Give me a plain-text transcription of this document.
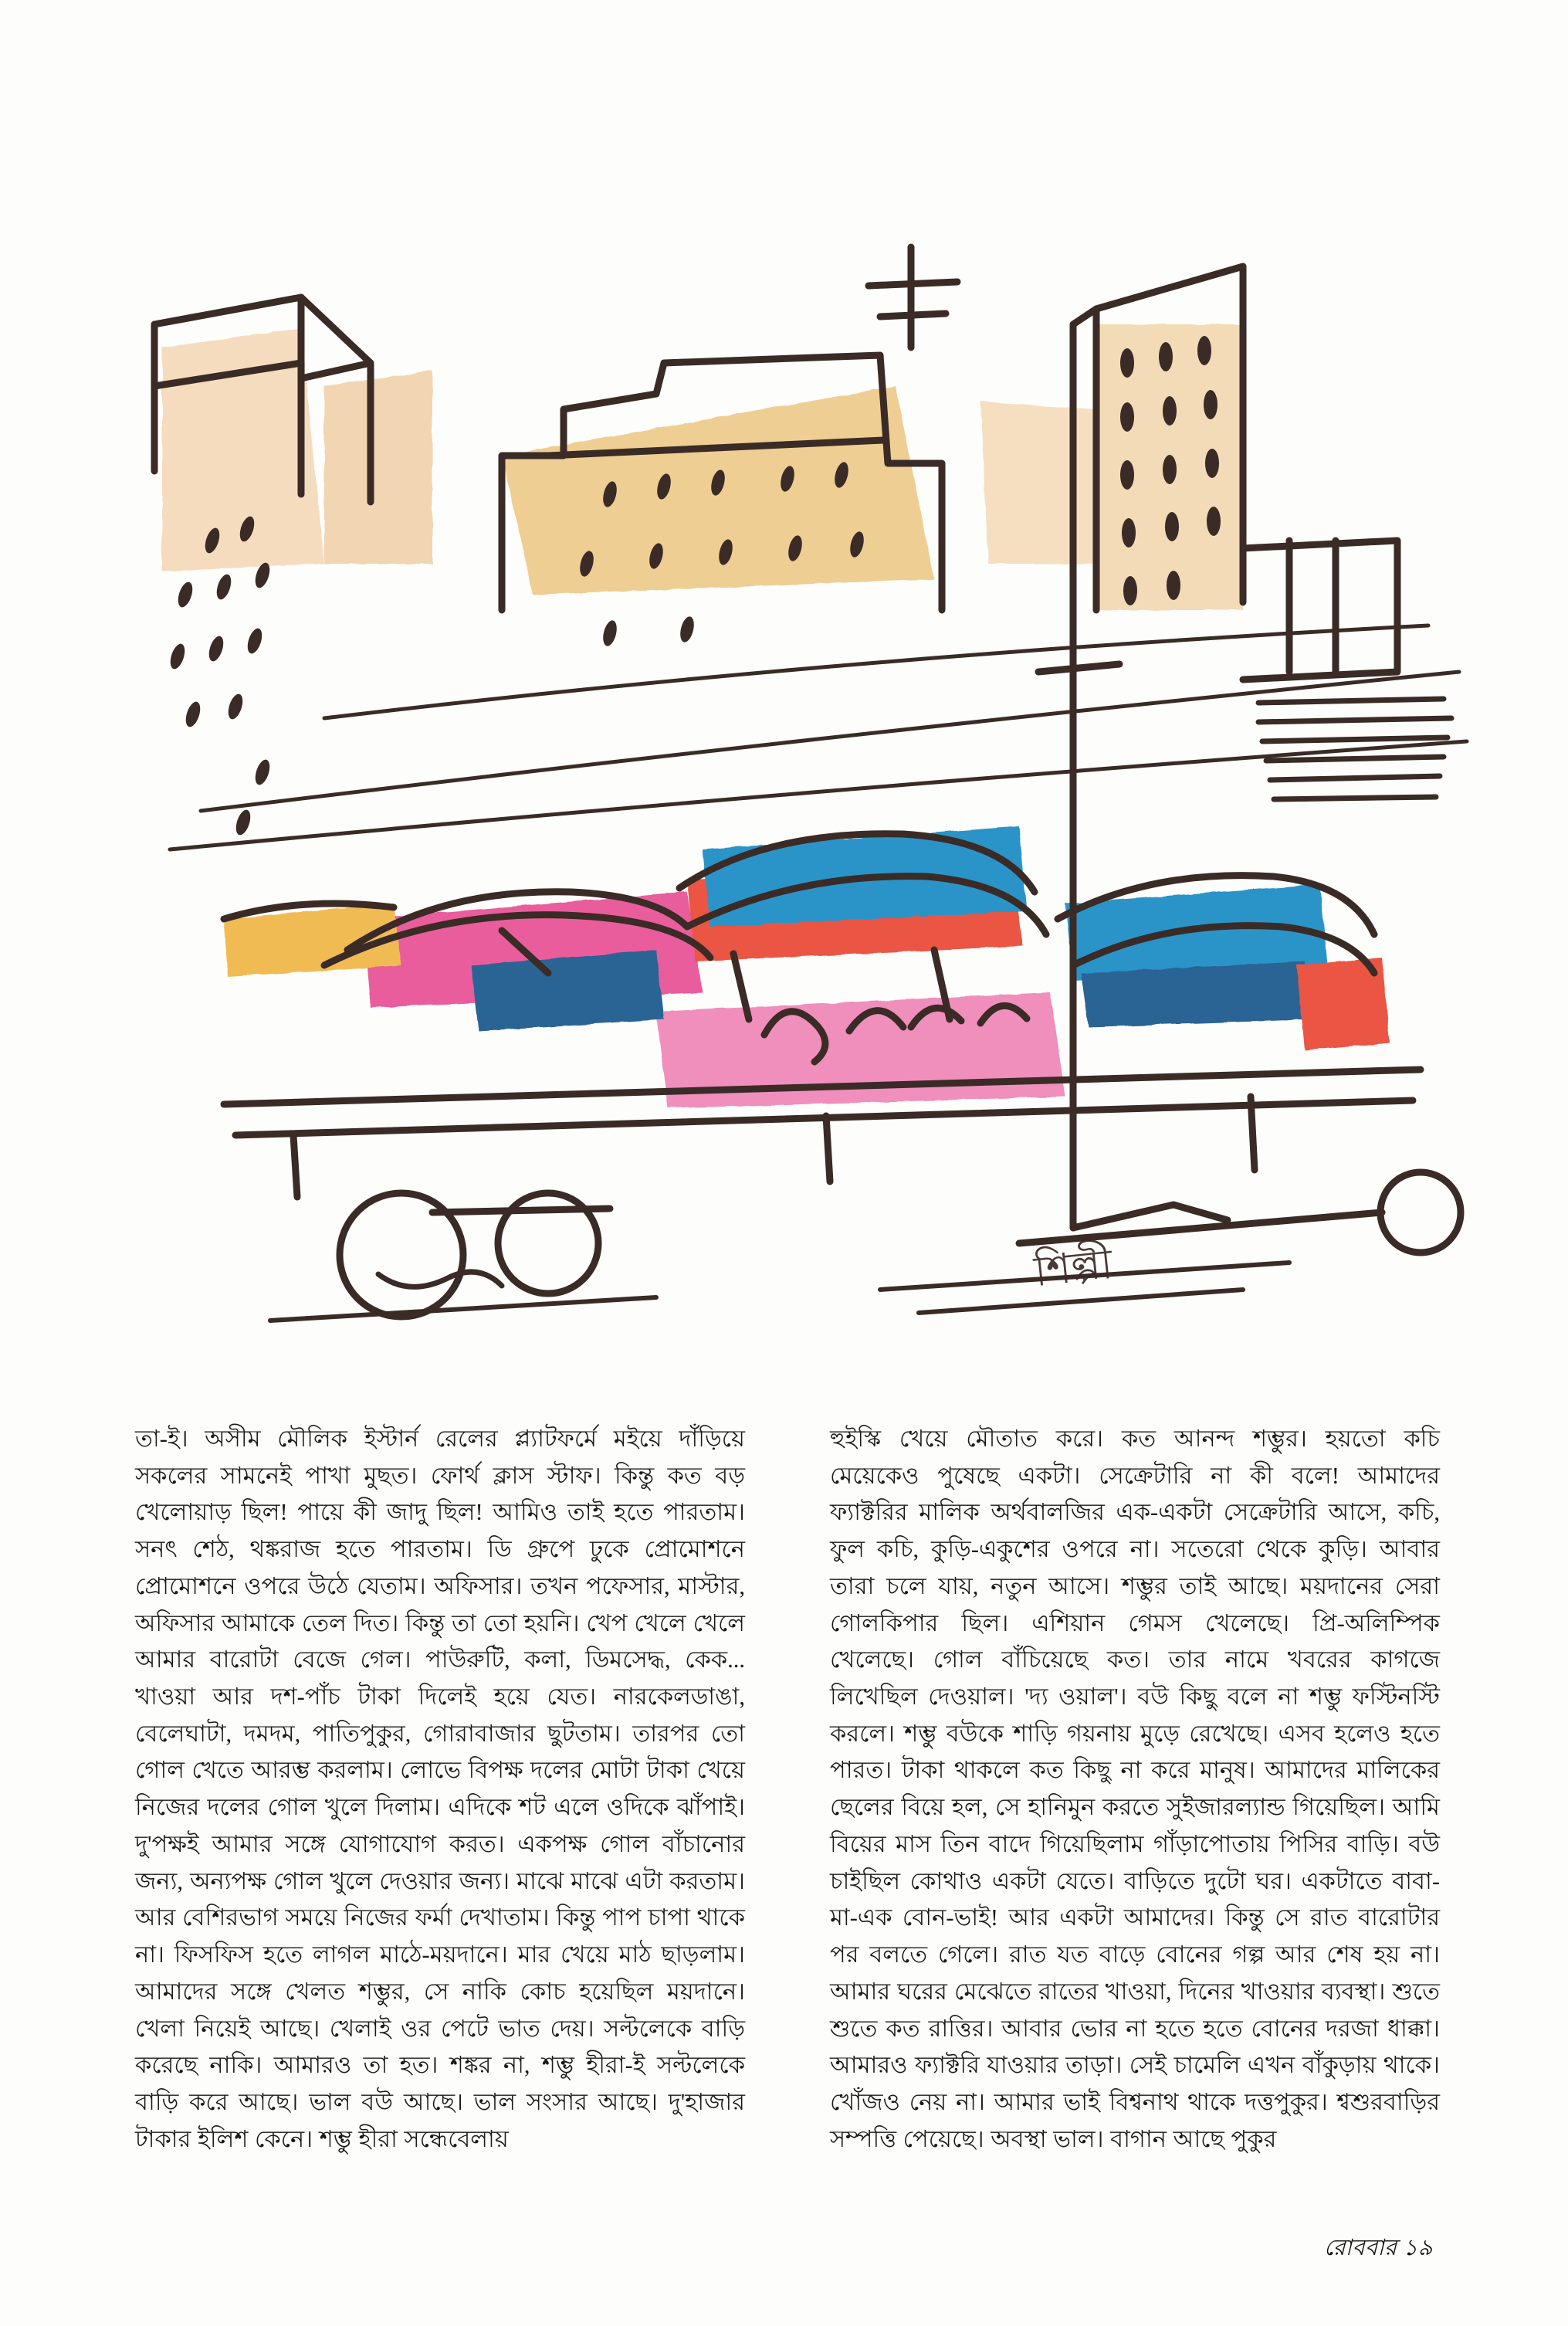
শিল্পী

তা-ই। অসীম মৌলিক ইস্টার্ন রেলের প্ল্যাটফর্মে মইয়ে দাঁড়িয়ে সকলের সামনেই পাখা মুছত। ফোর্থ ক্লাস স্টাফ। কিন্তু কত বড় খেলোয়াড় ছিল! পায়ে কী জাদু ছিল! আমিও তাই হতে পারতাম। সনৎ শেঠ, থঙ্করাজ হতে পারতাম। ডি গ্রুপে ঢুকে প্রোমোশনে প্রোমোশনে ওপরে উঠে যেতাম। অফিসার। তখন পফেসার, মাস্টার, অফিসার আমাকে তেল দিত। কিন্তু তা তো হয়নি। খেপ খেলে খেলে আমার বারোটা বেজে গেল। পাউরুটি, কলা, ডিমসেদ্ধ, কেক... খাওয়া আর দশ-পাঁচ টাকা দিলেই হয়ে যেত। নারকেলডাঙা, বেলেঘাটা, দমদম, পাতিপুকুর, গোরাবাজার ছুটতাম। তারপর তো গোল খেতে আরম্ভ করলাম। লোভে বিপক্ষ দলের মোটা টাকা খেয়ে নিজের দলের গোল খুলে দিলাম। এদিকে শট এলে ওদিকে ঝাঁপাই। দু'পক্ষই আমার সঙ্গে যোগাযোগ করত। একপক্ষ গোল বাঁচানোর জন্য, অন্যপক্ষ গোল খুলে দেওয়ার জন্য। মাঝে মাঝে এটা করতাম। আর বেশিরভাগ সময়ে নিজের ফর্মা দেখাতাম। কিন্তু পাপ চাপা থাকে না। ফিসফিস হতে লাগল মাঠে-ময়দানে। মার খেয়ে মাঠ ছাড়লাম। আমাদের সঙ্গে খেলত শম্ভুর, সে নাকি কোচ হয়েছিল ময়দানে। খেলা নিয়েই আছে। খেলাই ওর পেটে ভাত দেয়। সল্টলেকে বাড়ি করেছে নাকি। আমারও তা হত। শঙ্কর না, শম্ভু হীরা-ই সল্টলেকে বাড়ি করে আছে। ভাল বউ আছে। ভাল সংসার আছে। দু'হাজার টাকার ইলিশ কেনে। শম্ভু হীরা সন্ধেবেলায়

হুইস্কি খেয়ে মৌতাত করে। কত আনন্দ শম্ভুর। হয়তো কচি মেয়েকেও পুষেছে একটা। সেক্রেটারি না কী বলে! আমাদের ফ্যাক্টরির মালিক অর্থবালজির এক-একটা সেক্রেটারি আসে, কচি, ফুল কচি, কুড়ি-একুশের ওপরে না। সতেরো থেকে কুড়ি। আবার তারা চলে যায়, নতুন আসে। শম্ভুর তাই আছে। ময়দানের সেরা গোলকিপার ছিল। এশিয়ান গেমস খেলেছে। প্রি-অলিম্পিক খেলেছে। গোল বাঁচিয়েছে কত। তার নামে খবরের কাগজে লিখেছিল দেওয়াল। 'দ্য ওয়াল'। বউ কিছু বলে না শম্ভু ফস্টিনস্টি করলে। শম্ভু বউকে শাড়ি গয়নায় মুড়ে রেখেছে। এসব হলেও হতে পারত। টাকা থাকলে কত কিছু না করে মানুষ। আমাদের মালিকের ছেলের বিয়ে হল, সে হানিমুন করতে সুইজারল্যান্ড গিয়েছিল। আমি বিয়ের মাস তিন বাদে গিয়েছিলাম গাঁড়াপোতায় পিসির বাড়ি। বউ চাইছিল কোথাও একটা যেতে। বাড়িতে দুটো ঘর। একটাতে বাবা-মা-এক বোন-ভাই! আর একটা আমাদের। কিন্তু সে রাত বারোটার পর বলতে গেলে। রাত যত বাড়ে বোনের গল্প আর শেষ হয় না। আমার ঘরের মেঝেতে রাতের খাওয়া, দিনের খাওয়ার ব্যবস্থা। শুতে শুতে কত রাত্তির। আবার ভোর না হতে হতে বোনের দরজা ধাক্কা। আমারও ফ্যাক্টরি যাওয়ার তাড়া। সেই চামেলি এখন বাঁকুড়ায় থাকে। খোঁজও নেয় না। আমার ভাই বিশ্বনাথ থাকে দত্তপুকুর। শ্বশুরবাড়ির সম্পত্তি পেয়েছে। অবস্থা ভাল। বাগান আছে পুকুর

রোববার ১৯
